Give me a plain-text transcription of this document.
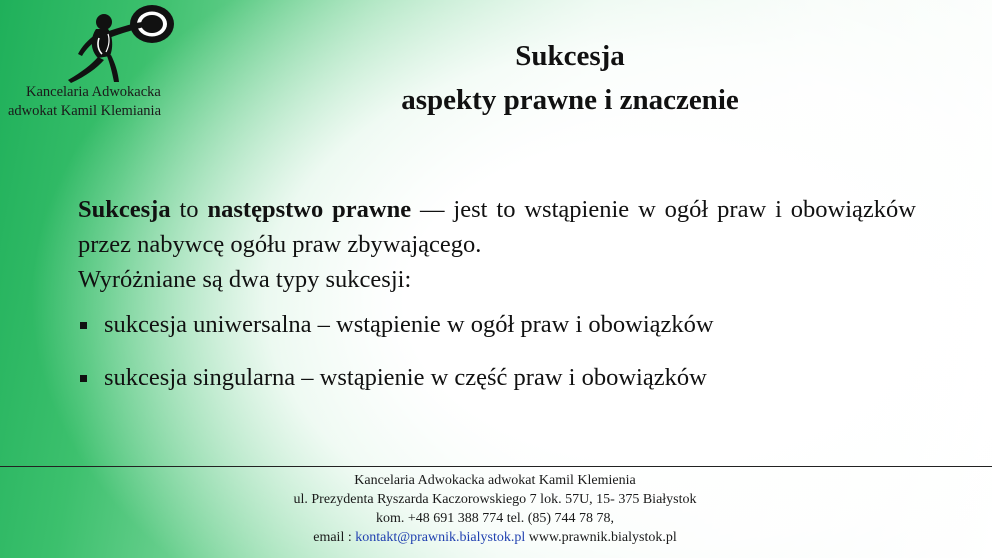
Kancelaria Adwokacka
adwokat Kamil Klemiania
Sukcesja
aspekty prawne i znaczenie

Sukcesja to następstwo prawne — jest to wstąpienie w ogół praw i obowiązków przez nabywcę ogółu praw zbywającego.

Wyróżniane są dwa typy sukcesji:

sukcesja uniwersalna – wstąpienie w ogół praw i obowiązków
sukcesja singularna – wstąpienie w część praw i obowiązków
Kancelaria Adwokacka adwokat Kamil Klemienia
ul. Prezydenta Ryszarda Kaczorowskiego 7 lok. 57U, 15- 375 Białystok
kom. +48 691 388 774 tel. (85) 744 78 78,
email : kontakt@prawnik.bialystok.pl www.prawnik.bialystok.pl
